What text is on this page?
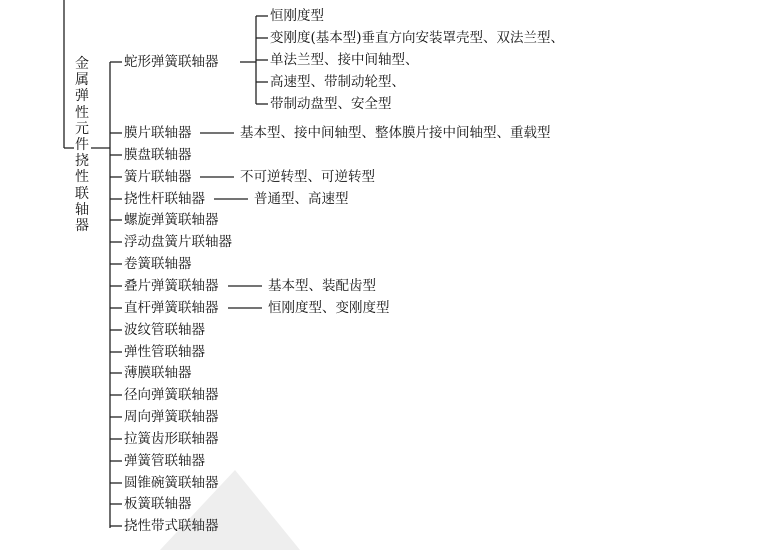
金属弹性元件挠性联轴器
蛇形弹簧联轴器
恒刚度型
变刚度(基本型)垂直方向安装罩壳型、双法兰型、
单法兰型、接中间轴型、
高速型、带制动轮型、
带制动盘型、安全型
膜片联轴器	基本型、接中间轴型、整体膜片接中间轴型、重载型
膜盘联轴器
簧片联轴器	不可逆转型、可逆转型
挠性杆联轴器	普通型、高速型
螺旋弹簧联轴器
浮动盘簧片联轴器
卷簧联轴器
叠片弹簧联轴器	基本型、装配齿型
直杆弹簧联轴器	恒刚度型、变刚度型
波纹管联轴器
弹性管联轴器
薄膜联轴器
径向弹簧联轴器
周向弹簧联轴器
拉簧齿形联轴器
弹簧管联轴器
圆锥碗簧联轴器
板簧联轴器
挠性带式联轴器
